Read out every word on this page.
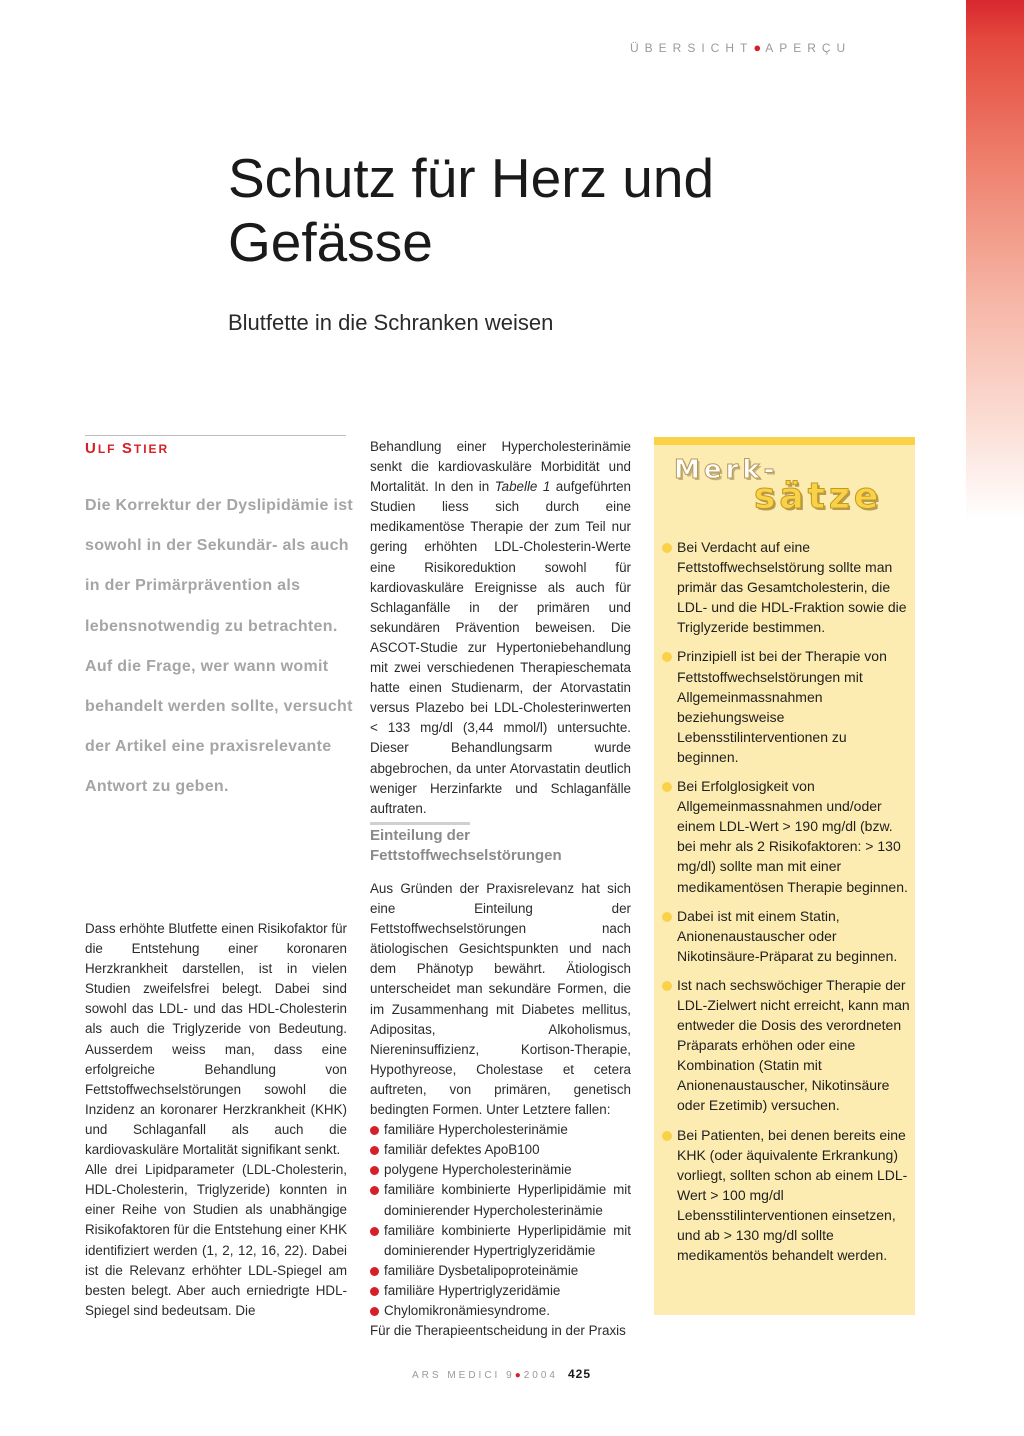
ÜBERSICHT●APERÇU
Schutz für Herz und
Gefässe

Blutfette in die Schranken weisen

ULF STIER
Die Korrektur der Dyslipidämie ist sowohl in der Sekundär- als auch in der Primärprävention als lebensnotwendig zu betrachten. Auf die Frage, wer wann womit behandelt werden sollte, versucht der Artikel eine praxisrelevante Antwort zu geben.

Dass erhöhte Blutfette einen Risikofaktor für die Entstehung einer koronaren Herzkrankheit darstellen, ist in vielen Studien zweifelsfrei belegt. Dabei sind sowohl das LDL- und das HDL-Cholesterin als auch die Triglyzeride von Bedeutung. Ausserdem weiss man, dass eine erfolgreiche Behandlung von Fettstoffwechselstörungen sowohl die Inzidenz an koronarer Herzkrankheit (KHK) und Schlaganfall als auch die kardiovaskuläre Mortalität signifikant senkt.

Alle drei Lipidparameter (LDL-Cholesterin, HDL-Cholesterin, Triglyzeride) konnten in einer Reihe von Studien als unabhängige Risikofaktoren für die Entstehung einer KHK identifiziert werden (1, 2, 12, 16, 22). Dabei ist die Relevanz erhöhter LDL-Spiegel am besten belegt. Aber auch erniedrigte HDL-Spiegel sind bedeutsam. Die

Behandlung einer Hypercholesterinämie senkt die kardiovaskuläre Morbidität und Mortalität. In den in Tabelle 1 aufgeführten Studien liess sich durch eine medikamentöse Therapie der zum Teil nur gering erhöhten LDL-Cholesterin-Werte eine Risikoreduktion sowohl für kardiovaskuläre Ereignisse als auch für Schlaganfälle in der primären und sekundären Prävention beweisen. Die ASCOT-Studie zur Hypertoniebehandlung mit zwei verschiedenen Therapieschemata hatte einen Studienarm, der Atorvastatin versus Plazebo bei LDL-Cholesterinwerten < 133 mg/dl (3,44 mmol/l) untersuchte. Dieser Behandlungsarm wurde abgebrochen, da unter Atorvastatin deutlich weniger Herzinfarkte und Schlaganfälle auftraten.

Einteilung der Fettstoffwechselstörungen

Aus Gründen der Praxisrelevanz hat sich eine Einteilung der Fettstoffwechselstörungen nach ätiologischen Gesichtspunkten und nach dem Phänotyp bewährt. Ätiologisch unterscheidet man sekundäre Formen, die im Zusammenhang mit Diabetes mellitus, Adipositas, Alkoholismus, Niereninsuffizienz, Kortison-Therapie, Hypothyreose, Cholestase et cetera auftreten, von primären, genetisch bedingten Formen. Unter Letztere fallen:

familiäre Hypercholesterinämie
familiär defektes ApoB100
polygene Hypercholesterinämie
familiäre kombinierte Hyperlipidämie mit dominierender Hypercholesterinämie
familiäre kombinierte Hyperlipidämie mit dominierender Hypertriglyzeridämie
familiäre Dysbetalipoproteinämie
familiäre Hypertriglyzeridämie
Chylomikronämiesyndrome.

Für die Therapieentscheidung in der Praxis

Merk-
sätze
Bei Verdacht auf eine Fettstoffwechselstörung sollte man primär das Gesamtcholesterin, die LDL- und die HDL-Fraktion sowie die Triglyzeride bestimmen.
Prinzipiell ist bei der Therapie von Fettstoffwechselstörungen mit Allgemeinmassnahmen beziehungsweise Lebensstilinterventionen zu beginnen.
Bei Erfolglosigkeit von Allgemeinmassnahmen und/oder einem LDL-Wert > 190 mg/dl (bzw. bei mehr als 2 Risikofaktoren: > 130 mg/dl) sollte man mit einer medikamentösen Therapie beginnen.
Dabei ist mit einem Statin, Anionenaustauscher oder Nikotinsäure-Präparat zu beginnen.
Ist nach sechswöchiger Therapie der LDL-Zielwert nicht erreicht, kann man entweder die Dosis des verordneten Präparats erhöhen oder eine Kombination (Statin mit Anionenaustauscher, Nikotinsäure oder Ezetimib) versuchen.
Bei Patienten, bei denen bereits eine KHK (oder äquivalente Erkrankung) vorliegt, sollten schon ab einem LDL-Wert > 100 mg/dl Lebensstilinterventionen einsetzen, und ab > 130 mg/dl sollte medikamentös behandelt werden.
ARS MEDICI 9●2004 425
